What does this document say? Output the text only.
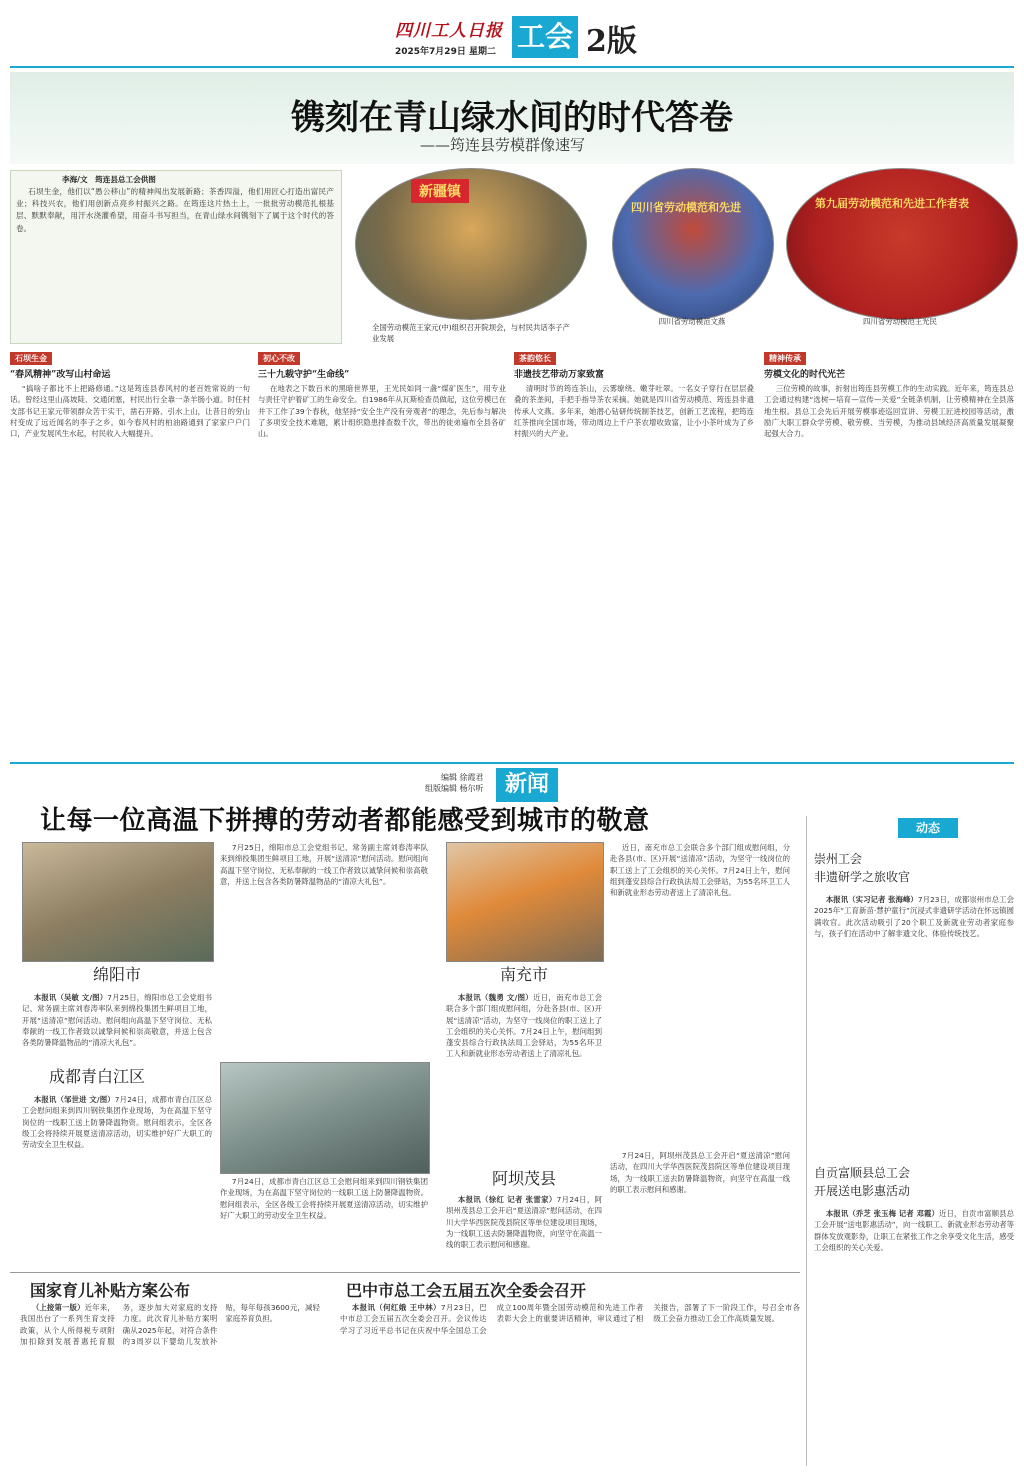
四川工人日报
2025年7月29日 星期二 工会 2版
镌刻在青山绿水间的时代答卷
——筠连县劳模群像速写
李海/文　筠连县总工会供图

石坝生金，他们以“愚公移山”的精神闯出发展新路；茶香四溢，他们用匠心打造出富民产业；科技兴农，他们用创新点亮乡村振兴之路。在筠连这片热土上，一批批劳动模范扎根基层、默默奉献，用汗水浇灌希望，用奋斗书写担当，在青山绿水间镌刻下了属于这个时代的答卷。

新疆镇
全国劳动模范王家元(中)组织召开院坝会，与村民共话李子产业发展
四川省劳动模范和先进
四川省劳动模范文燕
第九届劳动模范和先进工作者表
四川省劳动模范王光民
石坝生金
“春风精神”改写山村命运

“搞啥子都比不上把路修通。”这是筠连县春风村的老百姓常说的一句话。曾经这里山高坡陡、交通闭塞，村民出行全靠一条羊肠小道。时任村支部书记王家元带领群众苦干实干，凿石开路、引水上山，让昔日的穷山村变成了远近闻名的李子之乡。如今春风村的柏油路通到了家家户户门口，产业发展风生水起，村民收入大幅提升。

初心不改
三十九载守护“生命线”

在地表之下数百米的黑暗世界里，王光民如同一盏“煤矿医生”，用专业与责任守护着矿工的生命安全。自1986年从瓦斯检查员做起，这位劳模已在井下工作了39个春秋，他坚持“安全生产没有旁观者”的理念，先后参与解决了多项安全技术难题，累计组织隐患排查数千次，带出的徒弟遍布全县各矿山。

茶韵悠长
非遗技艺带动万家致富

清明时节的筠连茶山，云雾缭绕、嫩芽吐翠。一名女子穿行在层层叠叠的茶垄间，手把手指导茶农采摘。她就是四川省劳动模范、筠连县非遗传承人文燕。多年来，她潜心钻研传统制茶技艺，创新工艺流程，把筠连红茶推向全国市场，带动周边上千户茶农增收致富，让小小茶叶成为了乡村振兴的大产业。

精神传承
劳模文化的时代光芒

三位劳模的故事，折射出筠连县劳模工作的生动实践。近年来，筠连县总工会通过构建“选树—培育—宣传—关爱”全链条机制，让劳模精神在全县落地生根。县总工会先后开展劳模事迹巡回宣讲、劳模工匠进校园等活动，激励广大职工群众学劳模、敬劳模、当劳模，为推动县域经济高质量发展凝聚起强大合力。

编辑 徐霞君
组版编辑 杨尔听 新闻
让每一位高温下拼搏的劳动者都能感受到城市的敬意
绵阳市

本报讯（吴敏 文/图）7月25日，绵阳市总工会党组书记、常务副主席刘春涛率队来到绵投集团生鲜项目工地，开展“送清凉”慰问活动。慰问组向高温下坚守岗位、无私奉献的一线工作者致以诚挚问候和崇高敬意，并送上包含各类防暑降温物品的“清凉大礼包”。

成都青白江区

本报讯（邹世进 文/图）7月24日，成都市青白江区总工会慰问组来到四川钢铁集团作业现场，为在高温下坚守岗位的一线职工送上防暑降温物资。慰问组表示，全区各级工会将持续开展夏送清凉活动，切实维护好广大职工的劳动安全卫生权益。

7月25日，绵阳市总工会党组书记、常务副主席刘春涛率队来到绵投集团生鲜项目工地，开展“送清凉”慰问活动。慰问组向高温下坚守岗位、无私奉献的一线工作者致以诚挚问候和崇高敬意，并送上包含各类防暑降温物品的“清凉大礼包”。

7月24日，成都市青白江区总工会慰问组来到四川钢铁集团作业现场，为在高温下坚守岗位的一线职工送上防暑降温物资。慰问组表示，全区各级工会将持续开展夏送清凉活动，切实维护好广大职工的劳动安全卫生权益。

南充市

本报讯（魏勇 文/图）近日，南充市总工会联合多个部门组成慰问组，分赴各县(市、区)开展“送清凉”活动，为坚守一线岗位的职工送上了工会组织的关心关怀。7月24日上午，慰问组到蓬安县综合行政执法局工会驿站，为55名环卫工人和新就业形态劳动者送上了清凉礼包。

阿坝茂县

本报讯（徐红 记者 张雷家）7月24日，阿坝州茂县总工会开启“夏送清凉”慰问活动，在四川大学华西医院茂县院区等单位建设项目现场，为一线职工送去防暑降温物资，向坚守在高温一线的职工表示慰问和感谢。

近日，南充市总工会联合多个部门组成慰问组，分赴各县(市、区)开展“送清凉”活动，为坚守一线岗位的职工送上了工会组织的关心关怀。7月24日上午，慰问组到蓬安县综合行政执法局工会驿站，为55名环卫工人和新就业形态劳动者送上了清凉礼包。

7月24日，阿坝州茂县总工会开启“夏送清凉”慰问活动，在四川大学华西医院茂县院区等单位建设项目现场，为一线职工送去防暑降温物资，向坚守在高温一线的职工表示慰问和感谢。

动态
崇州工会
非遗研学之旅收官

本报讯（实习记者 张海峰）7月23日，成都崇州市总工会2025年“工育新苗·慧护童行”沉浸式非遗研学活动在怀远镇圆满收官。此次活动吸引了20个职工及新就业劳动者家庭参与，孩子们在活动中了解非遗文化、体验传统技艺。

自贡富顺县总工会
开展送电影惠活动

本报讯（乔芝 张玉梅 记者 邓霞）近日，自贡市富顺县总工会开展“送电影惠活动”，向一线职工、新就业形态劳动者等群体发放观影券，让职工在紧张工作之余享受文化生活，感受工会组织的关心关爱。

国家育儿补贴方案公布

（上接第一版）近年来，我国出台了一系列生育支持政策，从个人所得税专项附加扣除到发展普惠托育服务，逐步加大对家庭的支持力度。此次育儿补贴方案明确从2025年起，对符合条件的3周岁以下婴幼儿发放补贴，每年每孩3600元，减轻家庭养育负担。

巴中市总工会五届五次全委会召开

本报讯（何红娥 王中林）7月23日，巴中市总工会五届五次全委会召开。会议传达学习了习近平总书记在庆祝中华全国总工会成立100周年暨全国劳动模范和先进工作者表彰大会上的重要讲话精神，审议通过了相关报告，部署了下一阶段工作，号召全市各级工会奋力推动工会工作高质量发展。
